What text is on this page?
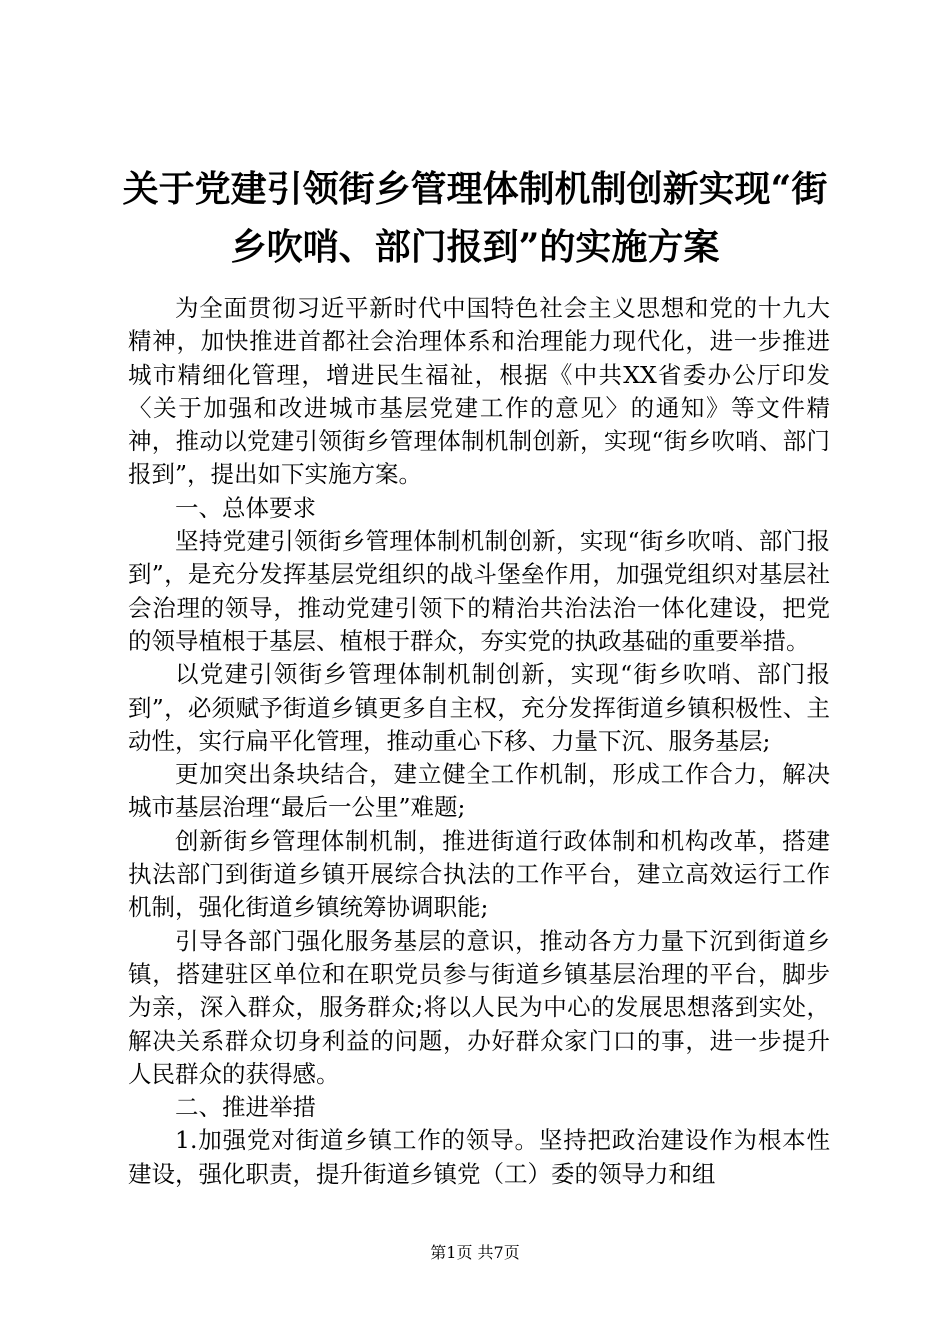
关于党建引领街乡管理体制机制创新实现“街乡吹哨、部门报到”的实施方案

为全面贯彻习近平新时代中国特色社会主义思想和党的十九大精神，加快推进首都社会治理体系和治理能力现代化，进一步推进城市精细化管理，增进民生福祉，根据《中共XX省委办公厅印发〈关于加强和改进城市基层党建工作的意见〉的通知》等文件精神，推动以党建引领街乡管理体制机制创新，实现“街乡吹哨、部门报到”，提出如下实施方案。

一、总体要求

坚持党建引领街乡管理体制机制创新，实现“街乡吹哨、部门报到”，是充分发挥基层党组织的战斗堡垒作用，加强党组织对基层社会治理的领导，推动党建引领下的精治共治法治一体化建设，把党的领导植根于基层、植根于群众，夯实党的执政基础的重要举措。

以党建引领街乡管理体制机制创新，实现“街乡吹哨、部门报到”，必须赋予街道乡镇更多自主权，充分发挥街道乡镇积极性、主动性，实行扁平化管理，推动重心下移、力量下沉、服务基层;

更加突出条块结合，建立健全工作机制，形成工作合力，解决城市基层治理“最后一公里”难题;

创新街乡管理体制机制，推进街道行政体制和机构改革，搭建执法部门到街道乡镇开展综合执法的工作平台，建立高效运行工作机制，强化街道乡镇统筹协调职能;

引导各部门强化服务基层的意识，推动各方力量下沉到街道乡镇，搭建驻区单位和在职党员参与街道乡镇基层治理的平台，脚步为亲，深入群众，服务群众;将以人民为中心的发展思想落到实处，解决关系群众切身利益的问题，办好群众家门口的事，进一步提升人民群众的获得感。

二、推进举措

1.加强党对街道乡镇工作的领导。坚持把政治建设作为根本性建设，强化职责，提升街道乡镇党（工）委的领导力和组

第1页 共7页
